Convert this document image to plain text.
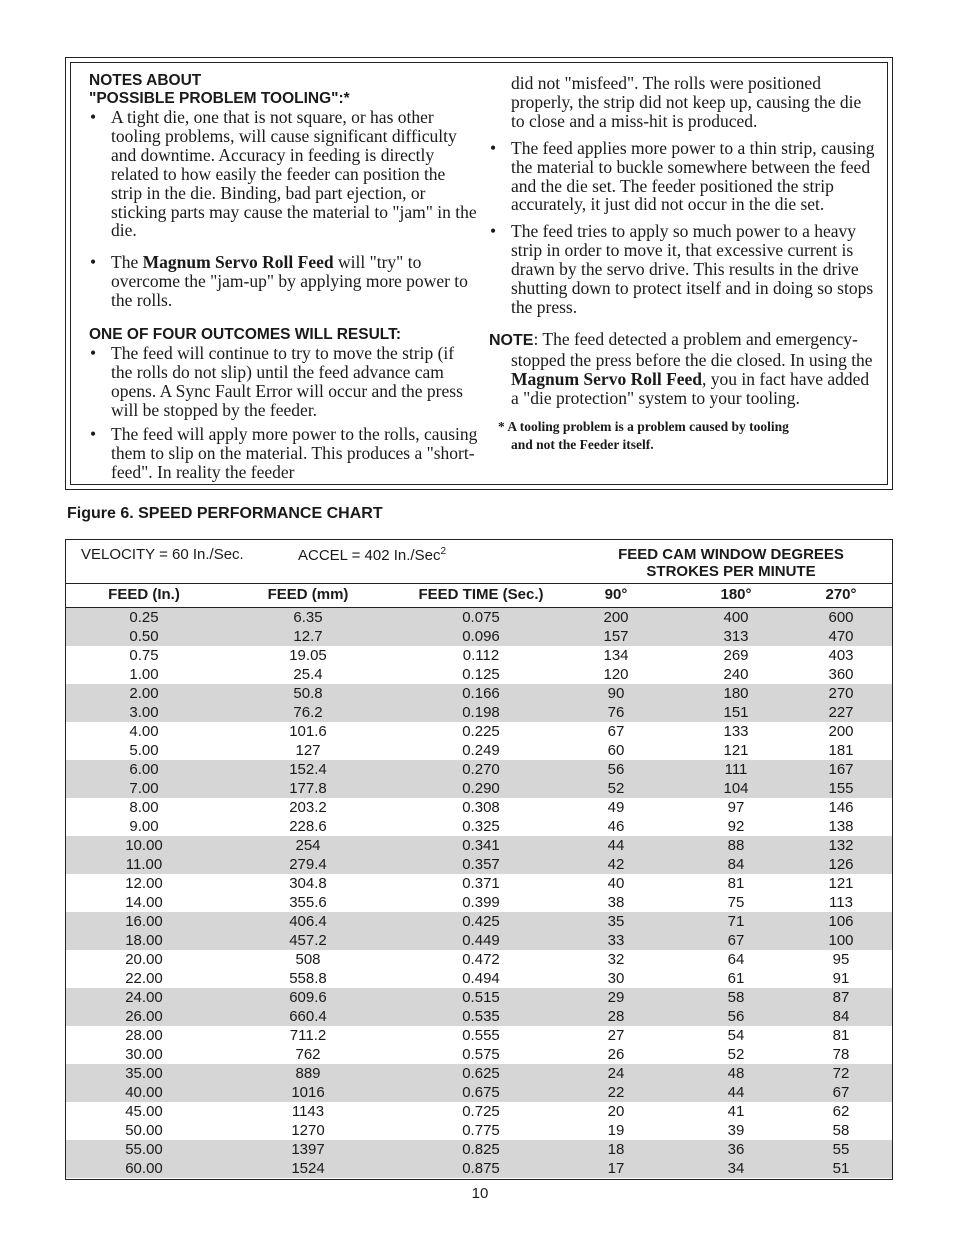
NOTES ABOUT
"POSSIBLE PROBLEM TOOLING":*
• A tight die, one that is not square, or has other tooling problems, will cause significant difficulty and downtime. Accuracy in feeding is directly related to how easily the feeder can position the strip in the die. Binding, bad part ejection, or sticking parts may cause the material to "jam" in the die.
• The Magnum Servo Roll Feed will "try" to overcome the "jam-up" by applying more power to the rolls.
ONE OF FOUR OUTCOMES WILL RESULT:
• The feed will continue to try to move the strip (if the rolls do not slip) until the feed advance cam opens. A Sync Fault Error will occur and the press will be stopped by the feeder.
• The feed will apply more power to the rolls, causing them to slip on the material. This produces a "short-feed". In reality the feeder
did not "misfeed". The rolls were positioned properly, the strip did not keep up, causing the die to close and a miss-hit is produced.
• The feed applies more power to a thin strip, causing the material to buckle somewhere between the feed and the die set. The feeder positioned the strip accurately, it just did not occur in the die set.
• The feed tries to apply so much power to a heavy strip in order to move it, that excessive current is drawn by the servo drive. This results in the drive shutting down to protect itself and in doing so stops the press.
NOTE: The feed detected a problem and emergency-
stopped the press before the die closed. In using the Magnum Servo Roll Feed, you in fact have added a "die protection" system to your tooling.
* A tooling problem is a problem caused by tooling
and not the Feeder itself.
Figure 6. SPEED PERFORMANCE CHART
VELOCITY = 60 In./Sec.	ACCEL = 402 In./Sec$^2$	FEED CAM WINDOW DEGREES
STROKES PER MINUTE
FEED (In.)	FEED (mm)	FEED TIME (Sec.)	90°	180°	270°
0.25	6.35	0.075	200	400	600
0.50	12.7	0.096	157	313	470
0.75	19.05	0.112	134	269	403
1.00	25.4	0.125	120	240	360
2.00	50.8	0.166	90	180	270
3.00	76.2	0.198	76	151	227
4.00	101.6	0.225	67	133	200
5.00	127	0.249	60	121	181
6.00	152.4	0.270	56	111	167
7.00	177.8	0.290	52	104	155
8.00	203.2	0.308	49	97	146
9.00	228.6	0.325	46	92	138
10.00	254	0.341	44	88	132
11.00	279.4	0.357	42	84	126
12.00	304.8	0.371	40	81	121
14.00	355.6	0.399	38	75	113
16.00	406.4	0.425	35	71	106
18.00	457.2	0.449	33	67	100
20.00	508	0.472	32	64	95
22.00	558.8	0.494	30	61	91
24.00	609.6	0.515	29	58	87
26.00	660.4	0.535	28	56	84
28.00	711.2	0.555	27	54	81
30.00	762	0.575	26	52	78
35.00	889	0.625	24	48	72
40.00	1016	0.675	22	44	67
45.00	1143	0.725	20	41	62
50.00	1270	0.775	19	39	58
55.00	1397	0.825	18	36	55
60.00	1524	0.875	17	34	51
10
